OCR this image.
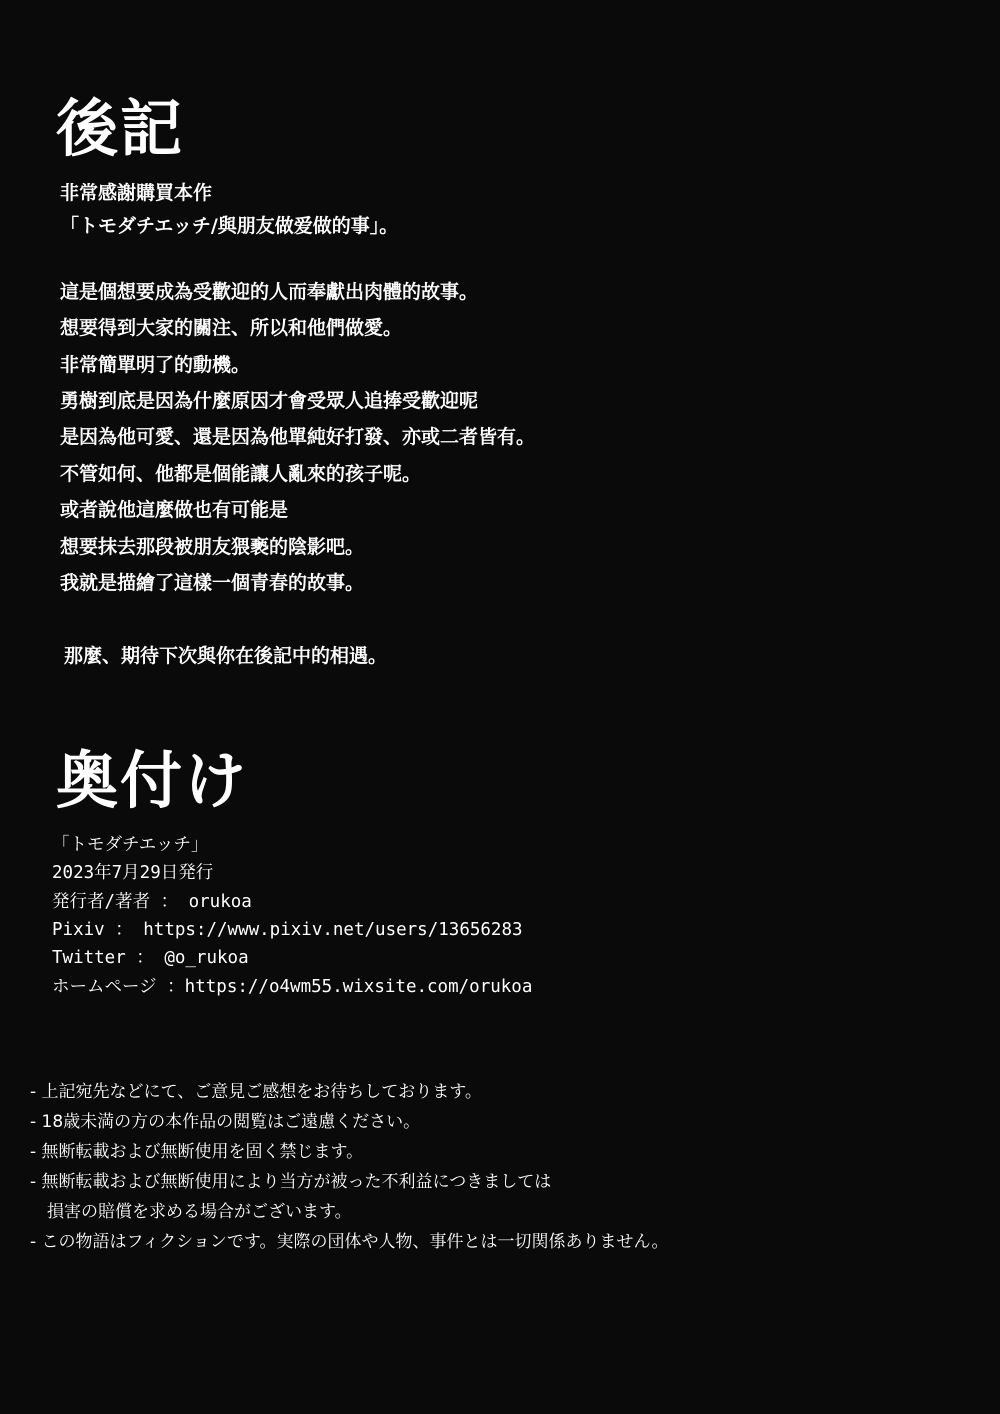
後記
非常感謝購買本作
「トモダチエッチ/與朋友做爱做的事」。

這是個想要成為受歡迎的人而奉獻出肉體的故事。

想要得到大家的關注、所以和他們做愛。

非常簡單明了的動機。

勇樹到底是因為什麼原因才會受眾人追捧受歡迎呢

是因為他可愛、還是因為他單純好打發、亦或二者皆有。

不管如何、他都是個能讓人亂來的孩子呢。

或者說他這麼做也有可能是

想要抹去那段被朋友猥褻的陰影吧。

我就是描繪了這樣一個青春的故事。

那麼、期待下次與你在後記中的相遇。
奥付け
「トモダチエッチ」
2023年7月29日発行
発行者/著者 ： orukoa
Pixiv ： https://www.pixiv.net/users/13656283
Twitter ： @o_rukoa
ホームページ ：https://o4wm55.wixsite.com/orukoa
- 上記宛先などにて、ご意見ご感想をお待ちしております。
- 18歳未満の方の本作品の閲覧はご遠慮ください。
- 無断転載および無断使用を固く禁じます。
- 無断転載および無断使用により当方が被った不利益につきましては
　損害の賠償を求める場合がございます。
- この物語はフィクションです。実際の団体や人物、事件とは一切関係ありません。
